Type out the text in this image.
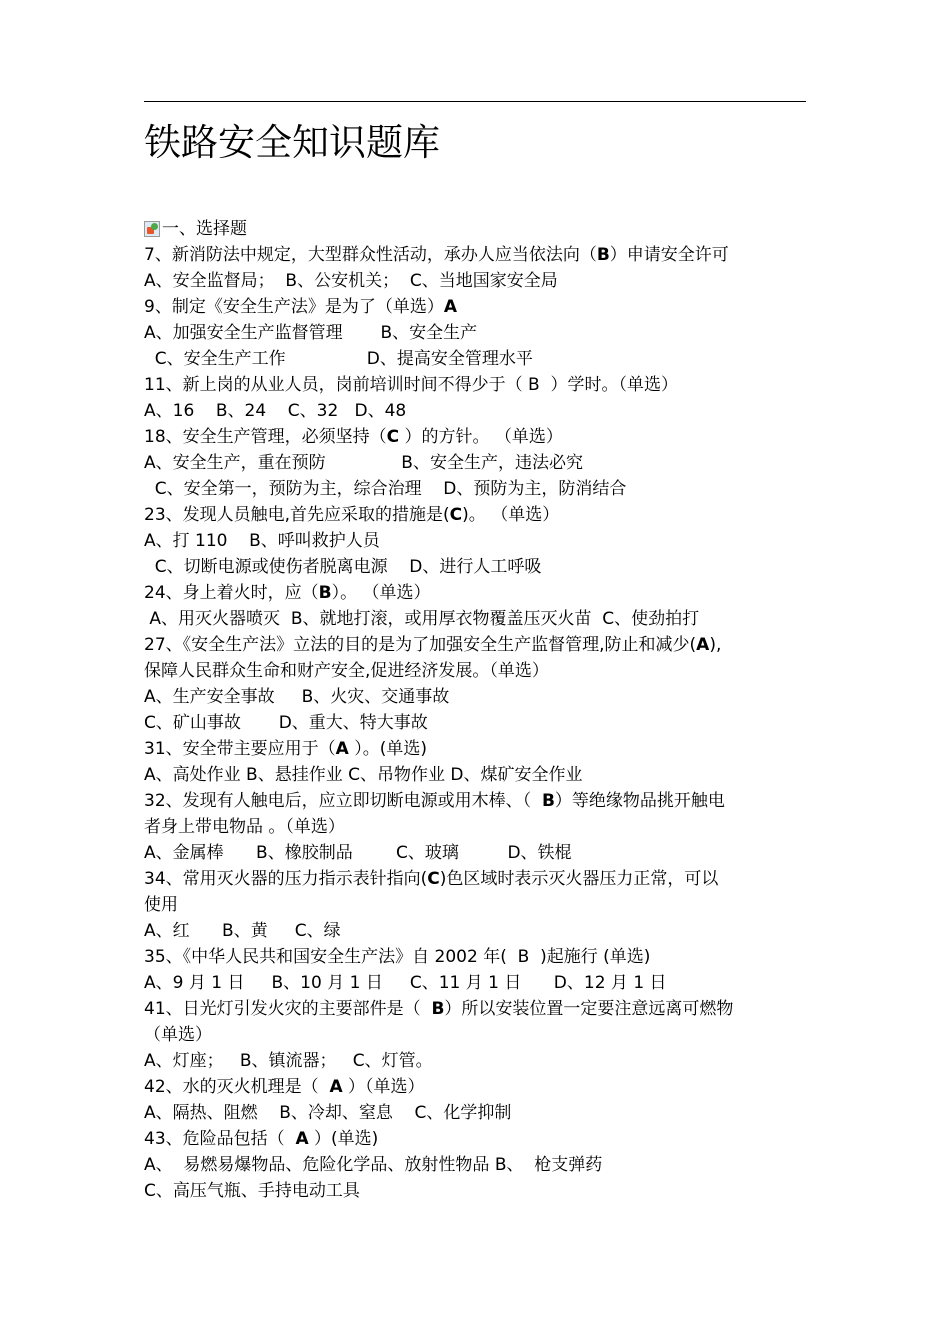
铁路安全知识题库
一、选择题
7、新消防法中规定，大型群众性活动，承办人应当依法向（B）申请安全许可
A、安全监督局；  B、公安机关；  C、当地国家安全局
9、制定《安全生产法》是为了（单选）A
A、加强安全生产监督管理       B、安全生产
C、安全生产工作               D、提高安全管理水平
11、新上岗的从业人员，岗前培训时间不得少于（ B  ）学时。（单选）
A、16    B、24    C、32   D、48
18、安全生产管理，必须坚持（C ）的方针。 （单选）
A、安全生产，重在预防              B、安全生产，违法必究
C、安全第一，预防为主，综合治理    D、预防为主，防消结合
23、发现人员触电,首先应采取的措施是(C)。 （单选）
A、打 110    B、呼叫救护人员
C、切断电源或使伤者脱离电源    D、进行人工呼吸
24、身上着火时，应（B）。 （单选）
A、用灭火器喷灭  B、就地打滚，或用厚衣物覆盖压灭火苗  C、使劲拍打
27、《安全生产法》立法的目的是为了加强安全生产监督管理,防止和减少(A),
保障人民群众生命和财产安全,促进经济发展。（单选）
A、生产安全事故     B、火灾、交通事故
C、矿山事故       D、重大、特大事故
31、安全带主要应用于（A ）。(单选)
A、高处作业 B、悬挂作业 C、吊物作业 D、煤矿安全作业
32、发现有人触电后，应立即切断电源或用木棒、（  B）等绝缘物品挑开触电
者身上带电物品 。（单选）
A、金属棒      B、橡胶制品        C、玻璃         D、铁棍
34、常用灭火器的压力指示表针指向(C)色区域时表示灭火器压力正常，可以
使用
A、红      B、黄     C、绿
35、《中华人民共和国安全生产法》自 2002 年(  B  )起施行 (单选)
A、9 月 1 日     B、10 月 1 日     C、11 月 1 日      D、12 月 1 日
41、日光灯引发火灾的主要部件是（  B）所以安装位置一定要注意远离可燃物
（单选）
A、灯座；   B、镇流器；   C、灯管。
42、水的灭火机理是（  A ）（单选）
A、隔热、阻燃    B、冷却、窒息    C、化学抑制
43、危险品包括（  A ）(单选)
A、  易燃易爆物品、危险化学品、放射性物品 B、  枪支弹药
C、高压气瓶、手持电动工具
